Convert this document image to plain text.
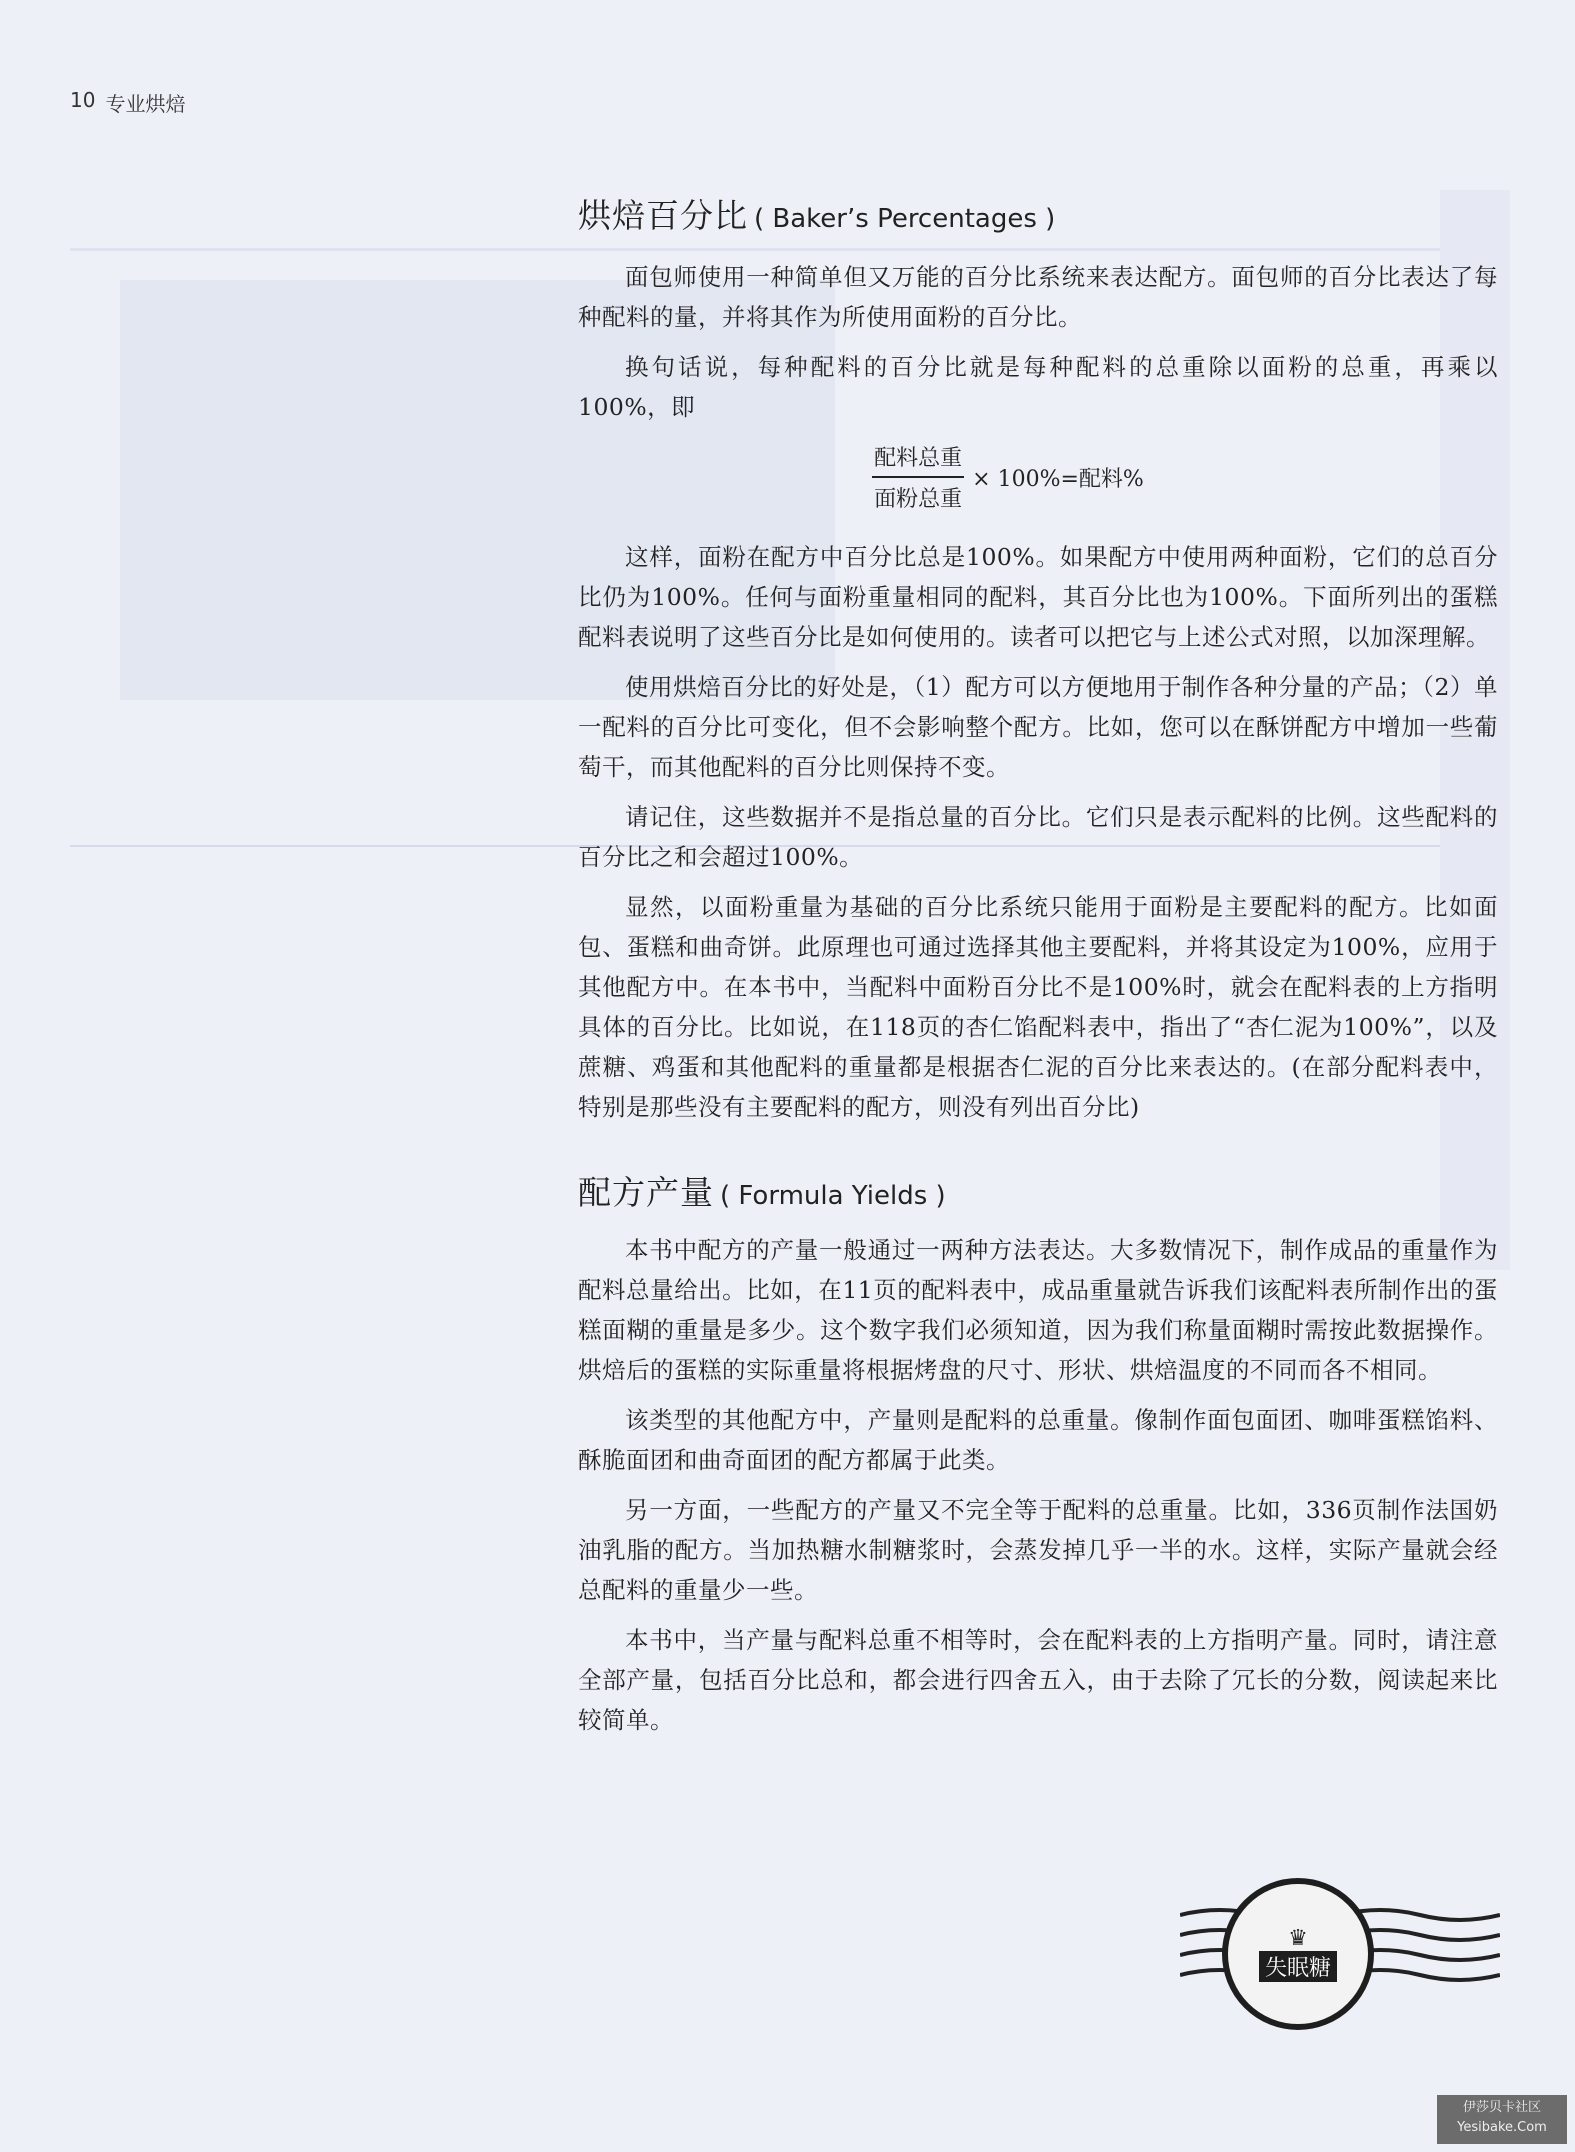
10 专业烘焙
烘焙百分比 ( Baker’s Percentages )

面包师使用一种简单但又万能的百分比系统来表达配方。面包师的百分比表达了每种配料的量，并将其作为所使用面粉的百分比。

换句话说，每种配料的百分比就是每种配料的总重除以面粉的总重，再乘以100%，即

$\frac{\text{配料总重}}{\text{面粉总重}} \times 100\%=$配料%

这样，面粉在配方中百分比总是100%。如果配方中使用两种面粉，它们的总百分比仍为100%。任何与面粉重量相同的配料，其百分比也为100%。下面所列出的蛋糕配料表说明了这些百分比是如何使用的。读者可以把它与上述公式对照，以加深理解。

使用烘焙百分比的好处是，（1）配方可以方便地用于制作各种分量的产品；（2）单一配料的百分比可变化，但不会影响整个配方。比如，您可以在酥饼配方中增加一些葡萄干，而其他配料的百分比则保持不变。

请记住，这些数据并不是指总量的百分比。它们只是表示配料的比例。这些配料的百分比之和会超过100%。

显然，以面粉重量为基础的百分比系统只能用于面粉是主要配料的配方。比如面包、蛋糕和曲奇饼。此原理也可通过选择其他主要配料，并将其设定为100%，应用于其他配方中。在本书中，当配料中面粉百分比不是100%时，就会在配料表的上方指明具体的百分比。比如说，在118页的杏仁馅配料表中，指出了“杏仁泥为100%”，以及蔗糖、鸡蛋和其他配料的重量都是根据杏仁泥的百分比来表达的。(在部分配料表中，特别是那些没有主要配料的配方，则没有列出百分比)

配方产量 ( Formula Yields )

本书中配方的产量一般通过一两种方法表达。大多数情况下，制作成品的重量作为配料总量给出。比如，在11页的配料表中，成品重量就告诉我们该配料表所制作出的蛋糕面糊的重量是多少。这个数字我们必须知道，因为我们称量面糊时需按此数据操作。烘焙后的蛋糕的实际重量将根据烤盘的尺寸、形状、烘焙温度的不同而各不相同。

该类型的其他配方中，产量则是配料的总重量。像制作面包面团、咖啡蛋糕馅料、酥脆面团和曲奇面团的配方都属于此类。

另一方面，一些配方的产量又不完全等于配料的总重量。比如，336页制作法国奶油乳脂的配方。当加热糖水制糖浆时，会蒸发掉几乎一半的水。这样，实际产量就会经总配料的重量少一些。

本书中，当产量与配料总重不相等时，会在配料表的上方指明产量。同时，请注意全部产量，包括百分比总和，都会进行四舍五入，由于去除了冗长的分数，阅读起来比较简单。

♛
失眠糖
伊莎贝卡社区
Yesibake.Com
